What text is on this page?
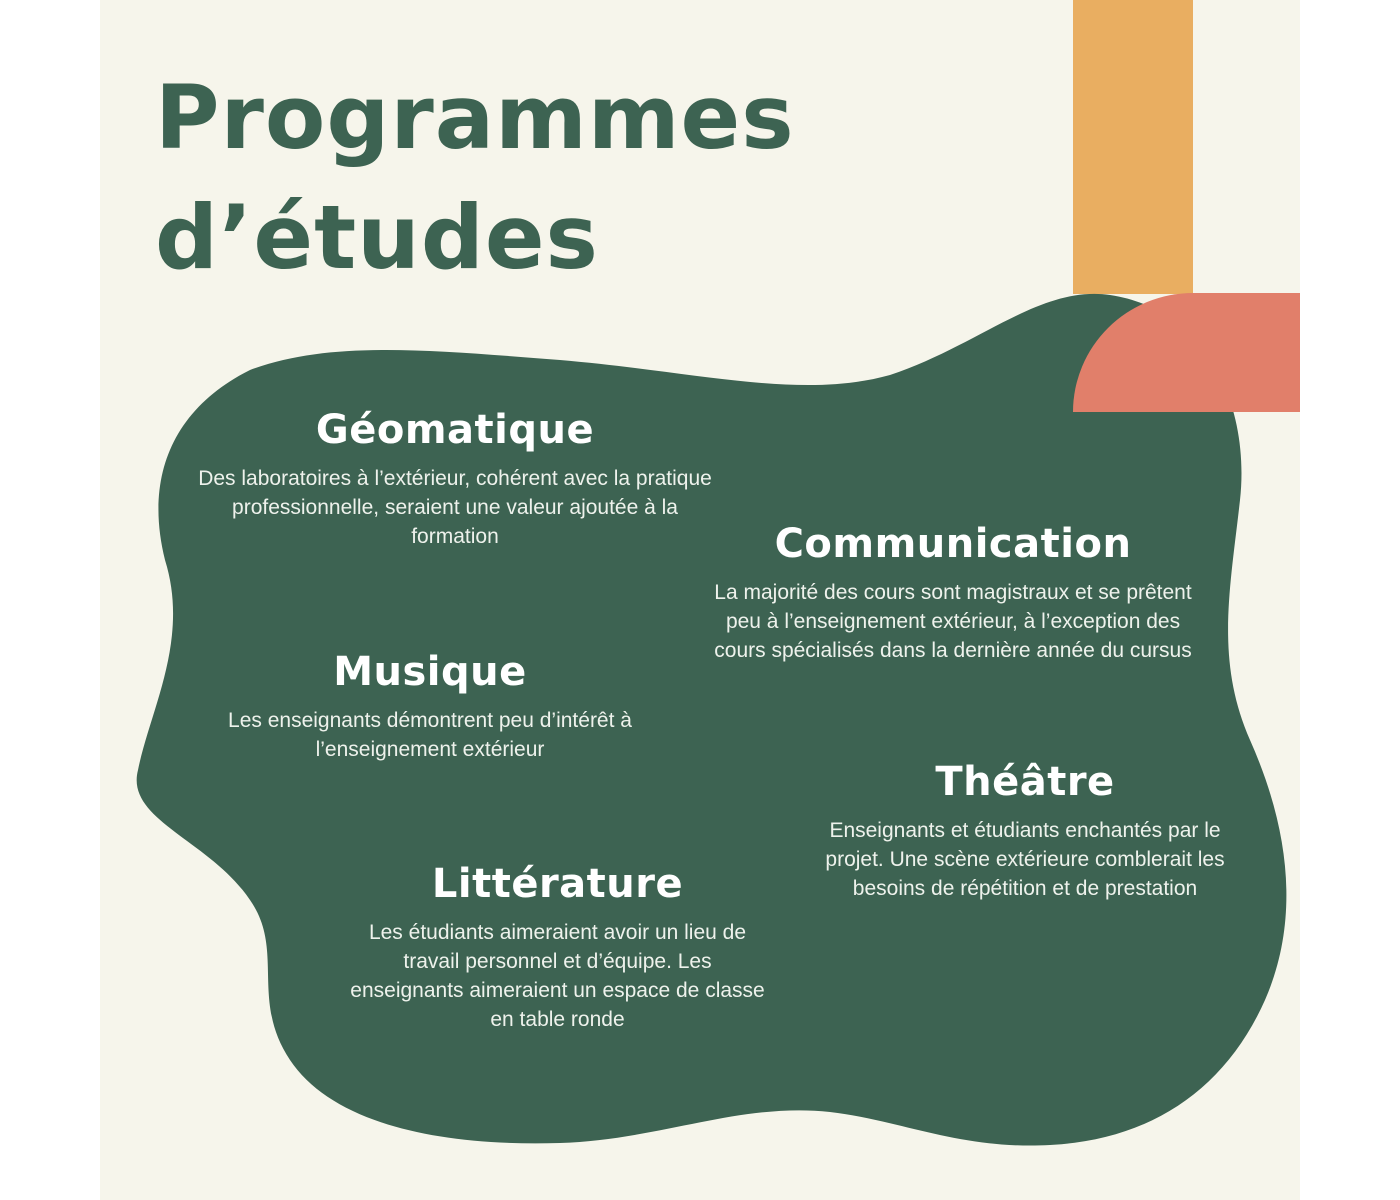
Programmes
d’études
Géomatique

Des laboratoires à l’extérieur, cohérent avec la pratique professionnelle, seraient une valeur ajoutée à la formation	Communication

La majorité des cours sont magistraux et se prêtent peu à l’enseignement extérieur, à l’exception des cours spécialisés dans la dernière année du cursus

Musique

Les enseignants démontrent peu d’intérêt à l’enseignement extérieur

Théâtre

Enseignants et étudiants enchantés par le projet. Une scène extérieure comblerait les besoins de répétition et de prestation

Littérature

Les étudiants aimeraient avoir un lieu de travail personnel et d’équipe. Les enseignants aimeraient un espace de classe en table ronde
